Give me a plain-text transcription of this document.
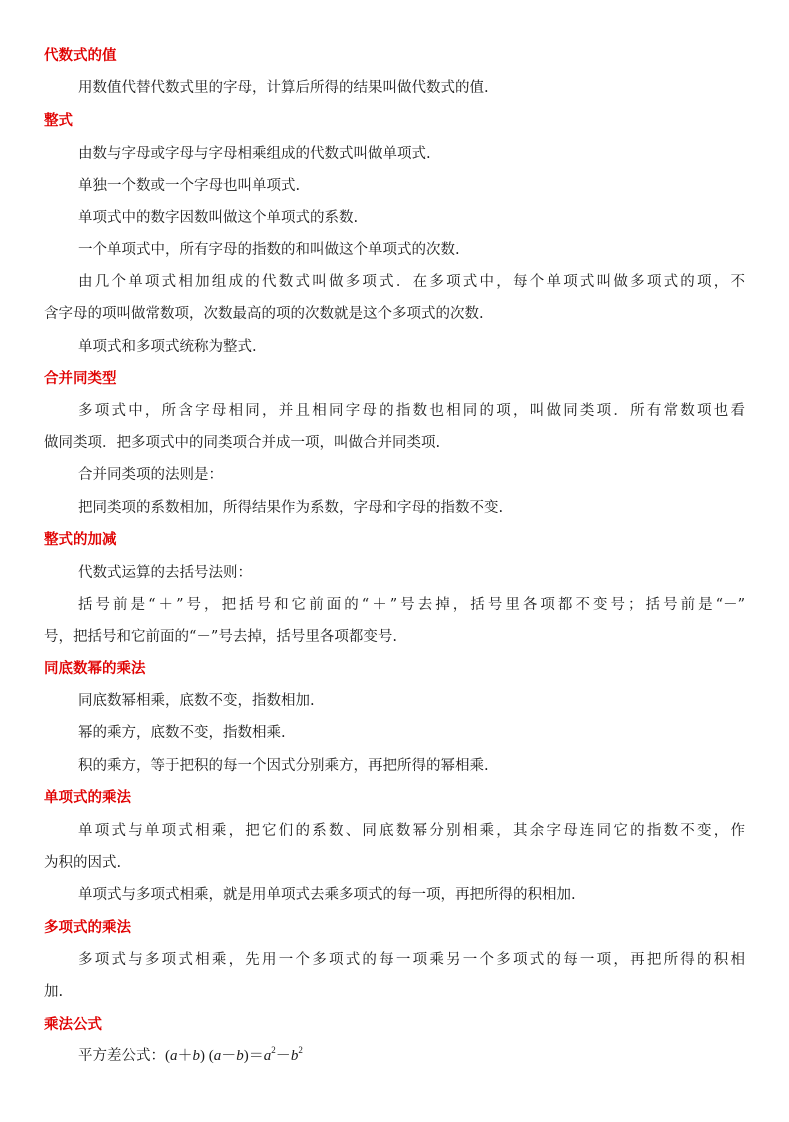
代数式的值
用数值代替代数式里的字母，计算后所得的结果叫做代数式的值.
整式
由数与字母或字母与字母相乘组成的代数式叫做单项式.
单独一个数或一个字母也叫单项式.
单项式中的数字因数叫做这个单项式的系数.
一个单项式中，所有字母的指数的和叫做这个单项式的次数.
由几个单项式相加组成的代数式叫做多项式．在多项式中，每个单项式叫做多项式的项，不
含字母的项叫做常数项，次数最高的项的次数就是这个多项式的次数.
单项式和多项式统称为整式.
合并同类型
多项式中，所含字母相同，并且相同字母的指数也相同的项，叫做同类项．所有常数项也看
做同类项．把多项式中的同类项合并成一项，叫做合并同类项.
合并同类项的法则是：
把同类项的系数相加，所得结果作为系数，字母和字母的指数不变.
整式的加减
代数式运算的去括号法则：
括号前是“＋”号，把括号和它前面的“＋”号去掉，括号里各项都不变号；括号前是“－”
号，把括号和它前面的“－”号去掉，括号里各项都变号.
同底数幂的乘法
同底数幂相乘，底数不变，指数相加.
幂的乘方，底数不变，指数相乘.
积的乘方，等于把积的每一个因式分别乘方，再把所得的幂相乘.
单项式的乘法
单项式与单项式相乘，把它们的系数、同底数幂分别相乘，其余字母连同它的指数不变，作
为积的因式.
单项式与多项式相乘，就是用单项式去乘多项式的每一项，再把所得的积相加.
多项式的乘法
多项式与多项式相乘，先用一个多项式的每一项乘另一个多项式的每一项，再把所得的积相
加.
乘法公式
平方差公式：(a＋b) $(a-b)=a^2-b^2$
